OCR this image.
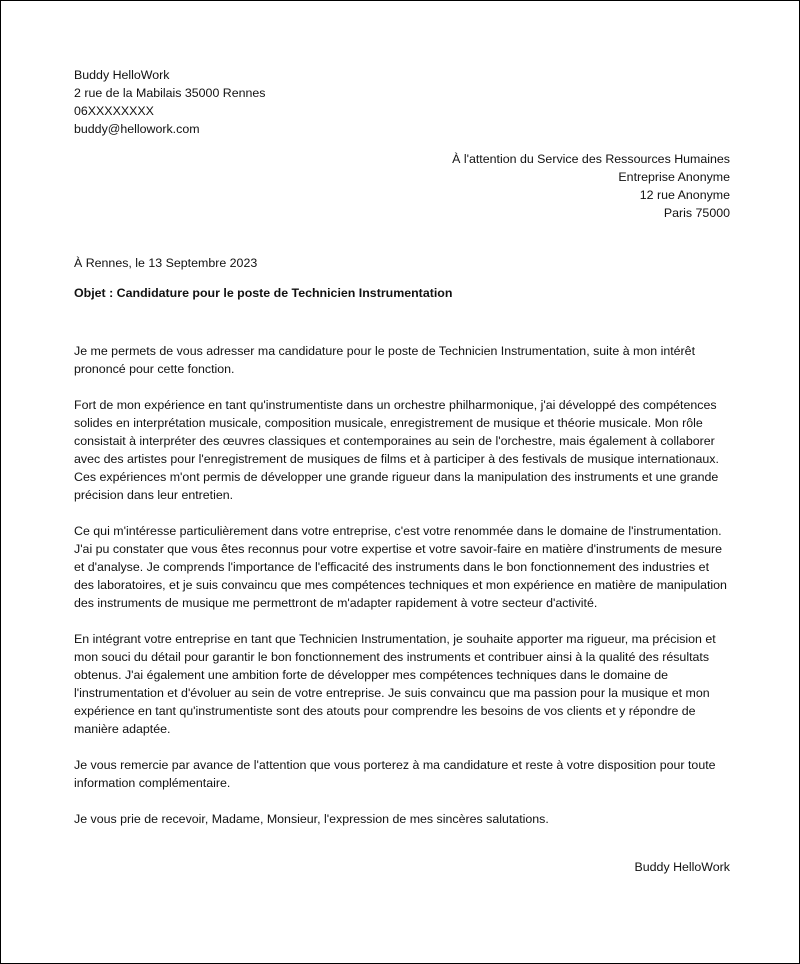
Buddy HelloWork
2 rue de la Mabilais 35000 Rennes
06XXXXXXXX
buddy@hellowork.com
À l'attention du Service des Ressources Humaines
Entreprise Anonyme
12 rue Anonyme
Paris 75000
À Rennes, le 13 Septembre 2023
Objet : Candidature pour le poste de Technicien Instrumentation

Je me permets de vous adresser ma candidature pour le poste de Technicien Instrumentation, suite à mon intérêt prononcé pour cette fonction.

Fort de mon expérience en tant qu'instrumentiste dans un orchestre philharmonique, j'ai développé des compétences solides en interprétation musicale, composition musicale, enregistrement de musique et théorie musicale. Mon rôle consistait à interpréter des œuvres classiques et contemporaines au sein de l'orchestre, mais également à collaborer avec des artistes pour l'enregistrement de musiques de films et à participer à des festivals de musique internationaux. Ces expériences m'ont permis de développer une grande rigueur dans la manipulation des instruments et une grande précision dans leur entretien.

Ce qui m'intéresse particulièrement dans votre entreprise, c'est votre renommée dans le domaine de l'instrumentation. J'ai pu constater que vous êtes reconnus pour votre expertise et votre savoir-faire en matière d'instruments de mesure et d'analyse. Je comprends l'importance de l'efficacité des instruments dans le bon fonctionnement des industries et des laboratoires, et je suis convaincu que mes compétences techniques et mon expérience en matière de manipulation des instruments de musique me permettront de m'adapter rapidement à votre secteur d'activité.

En intégrant votre entreprise en tant que Technicien Instrumentation, je souhaite apporter ma rigueur, ma précision et mon souci du détail pour garantir le bon fonctionnement des instruments et contribuer ainsi à la qualité des résultats obtenus. J'ai également une ambition forte de développer mes compétences techniques dans le domaine de l'instrumentation et d'évoluer au sein de votre entreprise. Je suis convaincu que ma passion pour la musique et mon expérience en tant qu'instrumentiste sont des atouts pour comprendre les besoins de vos clients et y répondre de manière adaptée.

Je vous remercie par avance de l'attention que vous porterez à ma candidature et reste à votre disposition pour toute information complémentaire.

Je vous prie de recevoir, Madame, Monsieur, l'expression de mes sincères salutations.

Buddy HelloWork
